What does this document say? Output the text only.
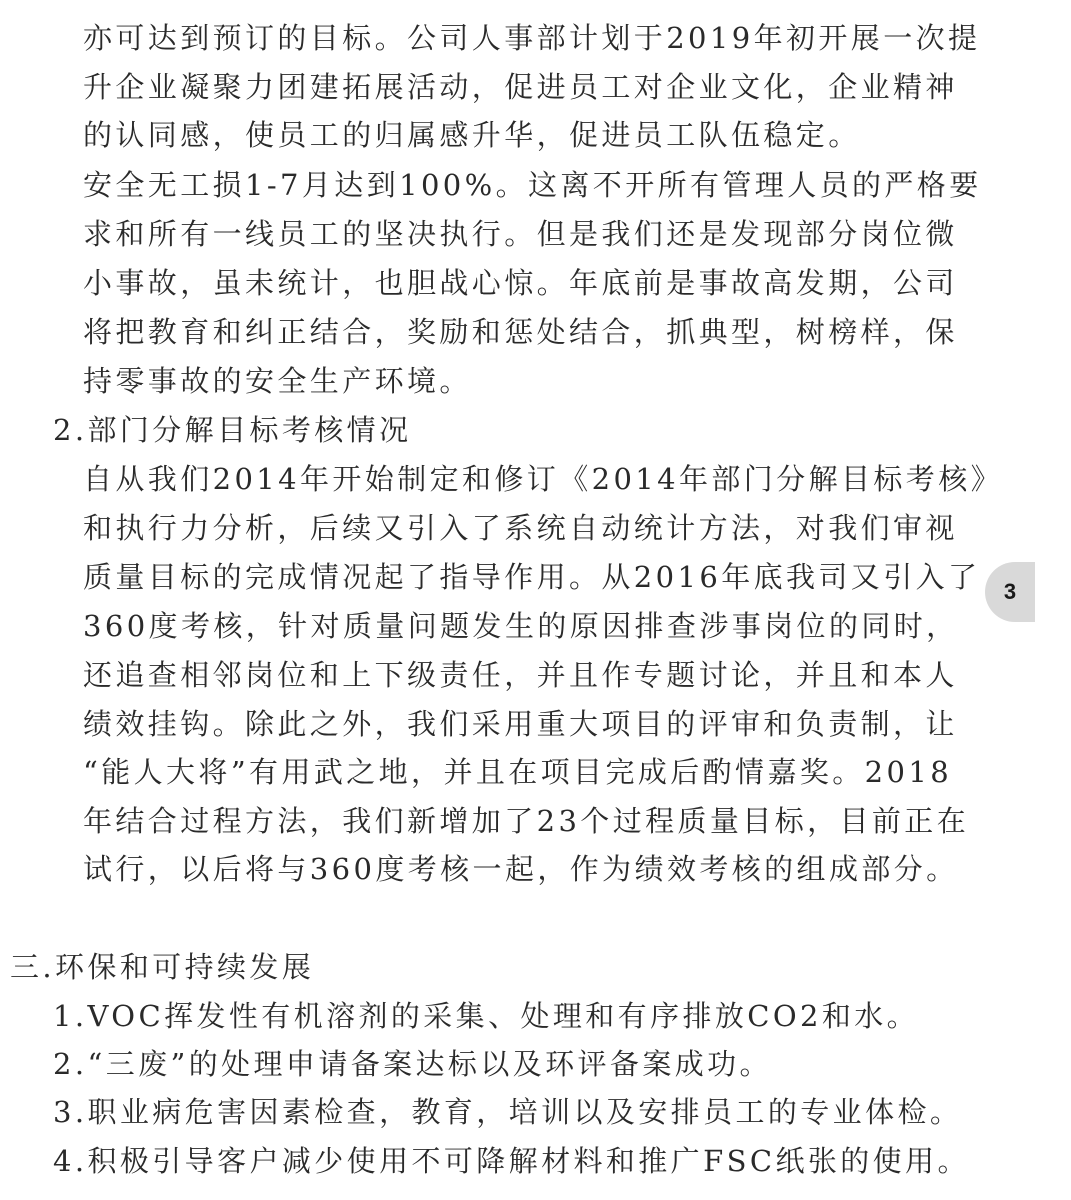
亦可达到预订的目标。公司人事部计划于2019年初开展一次提
升企业凝聚力团建拓展活动，促进员工对企业文化，企业精神
的认同感，使员工的归属感升华，促进员工队伍稳定。
安全无工损1-7月达到100%。这离不开所有管理人员的严格要
求和所有一线员工的坚决执行。但是我们还是发现部分岗位微
小事故，虽未统计，也胆战心惊。年底前是事故高发期，公司
将把教育和纠正结合，奖励和惩处结合，抓典型，树榜样，保
持零事故的安全生产环境。
2.部门分解目标考核情况
自从我们2014年开始制定和修订《2014年部门分解目标考核》
和执行力分析，后续又引入了系统自动统计方法，对我们审视
质量目标的完成情况起了指导作用。从2016年底我司又引入了
360度考核，针对质量问题发生的原因排查涉事岗位的同时，
还追查相邻岗位和上下级责任，并且作专题讨论，并且和本人
绩效挂钩。除此之外，我们采用重大项目的评审和负责制，让
“能人大将”有用武之地，并且在项目完成后酌情嘉奖。2018
年结合过程方法，我们新增加了23个过程质量目标，目前正在
试行，以后将与360度考核一起，作为绩效考核的组成部分。
三.环保和可持续发展
1.VOC挥发性有机溶剂的采集、处理和有序排放CO2和水。
2.“三废”的处理申请备案达标以及环评备案成功。
3.职业病危害因素检查，教育，培训以及安排员工的专业体检。
4.积极引导客户减少使用不可降解材料和推广FSC纸张的使用。
3
